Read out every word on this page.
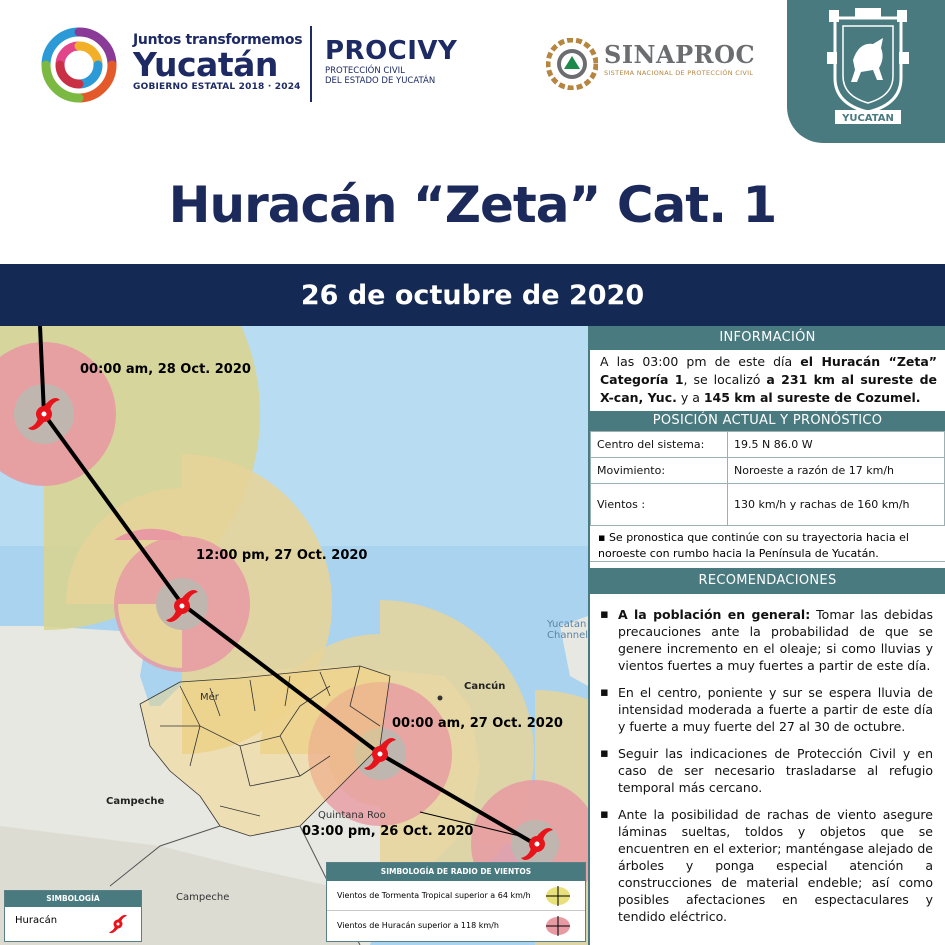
Juntos transformemos
Yucatán
GOBIERNO ESTATAL 2018 · 2024
PROCIVY
PROTECCIÓN CIVIL
DEL ESTADO DE YUCATÁN
SINAPROC
SISTEMA NACIONAL DE PROTECCIÓN CIVIL
YUCATAN
Huracán “Zeta” Cat. 1
26 de octubre de 2020
00:00 am, 28 Oct. 2020
12:00 pm, 27 Oct. 2020
00:00 am, 27 Oct. 2020
03:00 pm, 26 Oct. 2020
Cancún
Campeche
Quintana Roo
Campeche
Yucatan
Channel
Mér
SIMBOLOGÍA
Huracán
SIMBOLOGÍA DE RADIO DE VIENTOS
Vientos de Tormenta Tropical superior a 64 km/h
Vientos de Huracán superior a 118 km/h
INFORMACIÓN
A las 03:00 pm de este día el Huracán “Zeta” Categoría 1, se localizó a 231 km al sureste de X-can, Yuc. y a 145 km al sureste de Cozumel.
POSICIÓN ACTUAL Y PRONÓSTICO
Centro del sistema:	19.5 N 86.0 W
Movimiento:	Noroeste a razón de 17 km/h
Vientos :	130 km/h y rachas de 160 km/h
▪ Se pronostica que continúe con su trayectoria hacia el noroeste con rumbo hacia la Península de Yucatán.
RECOMENDACIONES
▪ A la población en general: Tomar las debidas precauciones ante la probabilidad de que se genere incremento en el oleaje; si como lluvias y vientos fuertes a muy fuertes a partir de este día.
▪ En el centro, poniente y sur se espera lluvia de intensidad moderada a fuerte a partir de este día y fuerte a muy fuerte del 27 al 30 de octubre.
▪ Seguir las indicaciones de Protección Civil y en caso de ser necesario trasladarse al refugio temporal más cercano.
▪ Ante la posibilidad de rachas de viento asegure láminas sueltas, toldos y objetos que se encuentren en el exterior; manténgase alejado de árboles y ponga especial atención a construcciones de material endeble; así como posibles afectaciones en espectaculares y tendido eléctrico.
